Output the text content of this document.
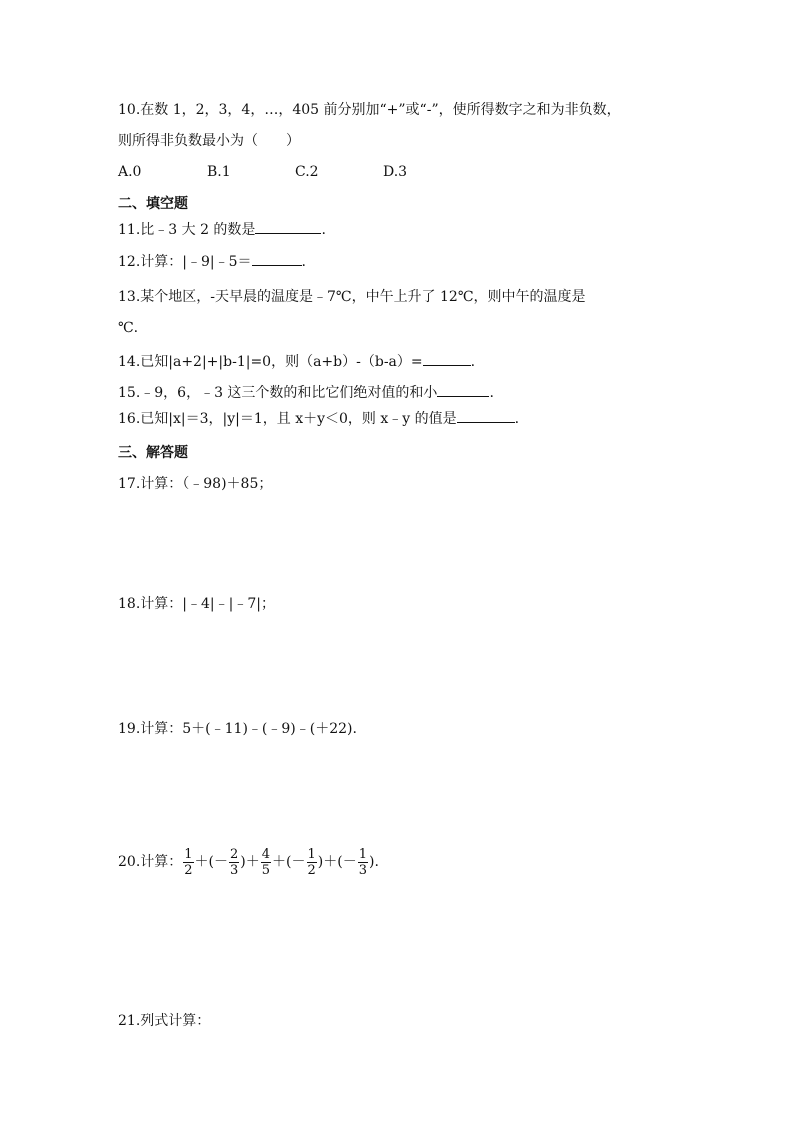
10.在数 1，2，3，4，…，405 前分别加“+”或“-”，使所得数字之和为非负数，
则所得非负数最小为（　　）
A.0	B.1	C.2	D.3
二、填空题
11.比﹣3 大 2 的数是	.
12.计算：|﹣9|﹣5＝	.
13.某个地区，-天早晨的温度是﹣7℃，中午上升了 12℃，则中午的温度是
℃.
14.已知|a+2|+|b-1|=0，则（a+b）-（b-a）=	.
15.﹣9，6，﹣3 这三个数的和比它们绝对值的和小	.
16.已知|x|＝3，|y|＝1，且 x＋y＜0，则 x﹣y 的值是	.
三、解答题
17.计算：（﹣98)＋85；
18.计算：|﹣4|﹣|﹣7|；
19.计算：5＋(﹣11)﹣(﹣9)﹣(＋22).
20.计算： $\frac{1}{2}$ ＋(－ $\frac{2}{3}$ )＋ $\frac{4}{5}$ ＋(－ $\frac{1}{2}$ )＋(－ $\frac{1}{3}$ ).
21.列式计算：
